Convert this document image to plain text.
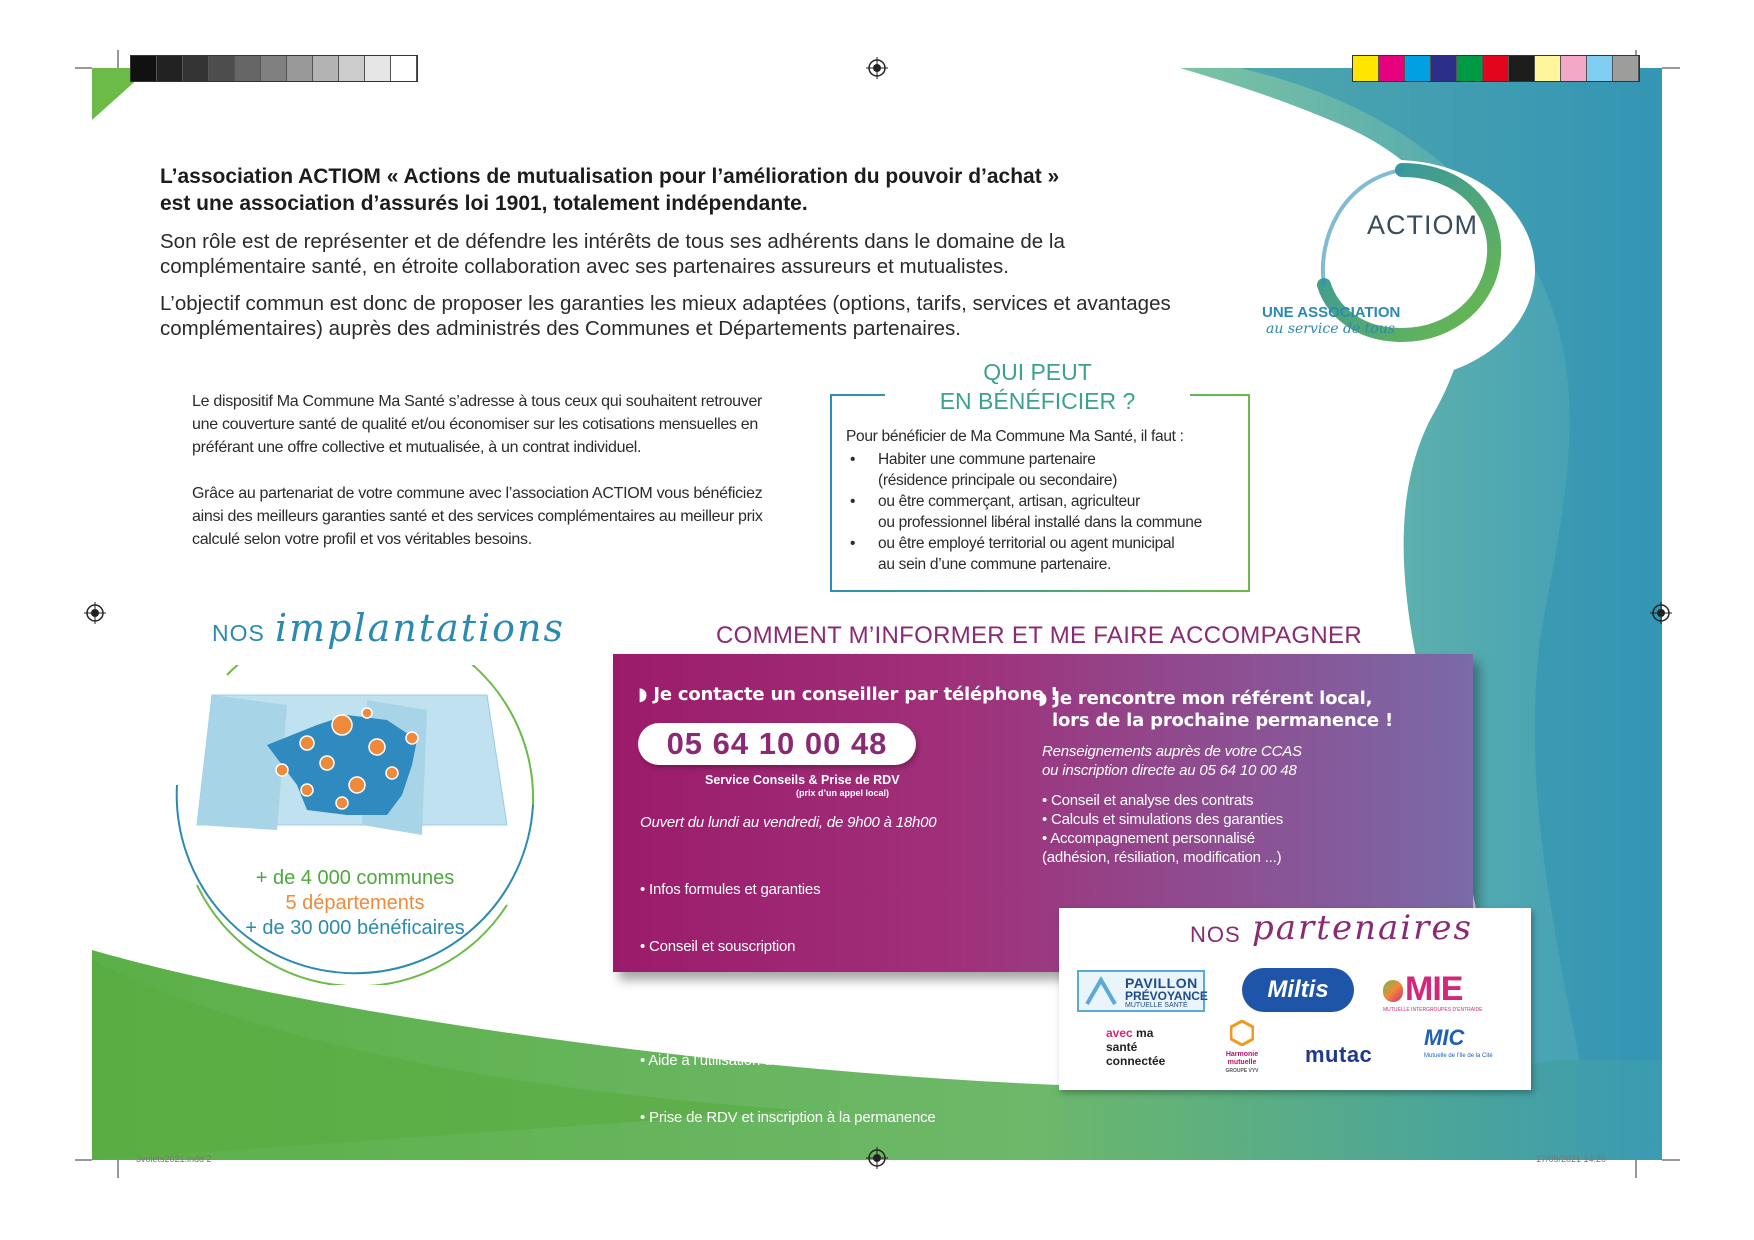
3volets2021.indd 2	17/09/2021 14:20
L’association ACTIOM « Actions de mutualisation pour l’amélioration du pouvoir d’achat »
est une association d’assurés loi 1901, totalement indépendante.

Son rôle est de représenter et de défendre les intérêts de tous ses adhérents dans le domaine de la complémentaire santé, en étroite collaboration avec ses partenaires assureurs et mutualistes.

L’objectif commun est donc de proposer les garanties les mieux adaptées (options, tarifs, services et avantages complémentaires) auprès des administrés des Communes et Départements partenaires.

ACTIOM
UNE ASSOCIATION
au service de tous

Le dispositif Ma Commune Ma Santé s’adresse à tous ceux qui souhaitent retrouver une couverture santé de qualité et/ou économiser sur les cotisations mensuelles en préférant une offre collective et mutualisée, à un contrat individuel.

Grâce au partenariat de votre commune avec l’association ACTIOM vous bénéficiez ainsi des meilleurs garanties santé et des services complémentaires au meilleur prix calculé selon votre profil et vos véritables besoins.

QUI PEUT
EN BÉNÉFICIER ?
Pour bénéficier de Ma Commune Ma Santé, il faut :
• Habiter une commune partenaire
(résidence principale ou secondaire)
• ou être commerçant, artisan, agriculteur
ou professionnel libéral installé dans la commune
• ou être employé territorial ou agent municipal
au sein d’une commune partenaire.
NOS implantations
+ de 4 000 communes
5 départements
+ de 30 000 bénéficaires
COMMENT M’INFORMER ET ME FAIRE ACCOMPAGNER
◗ Je contacte un conseiller par téléphone !
05 64 10 00 48
Service Conseils & Prise de RDV
(prix d’un appel local)
Ouvert du lundi au vendredi, de 9h00 à 18h00

• Infos formules et garanties

• Conseil et souscription

• Gestion et suivi du contrat

• Aide à l’utilisation des services et outils

• Prise de RDV et inscription à la permanence

de ma commune.

◗ Je rencontre mon référent local,
lors de la prochaine permanence !
Renseignements auprès de votre CCAS
ou inscription directe au 05 64 10 00 48
• Conseil et analyse des contrats
• Calculs et simulations des garanties
• Accompagnement personnalisé
(adhésion, résiliation, modification ...)
NOS partenaires
PAVILLON
PRÉVOYANCE
MUTUELLE SANTÉ
Miltis	MIE
MUTUELLE INTERGROUPES D’ENTRAIDE
avec ma
santé
connectée	Harmonie
mutuelle
GROUPE VYV
mutac
MIC
Mutuelle de l’Ile de la Cité
